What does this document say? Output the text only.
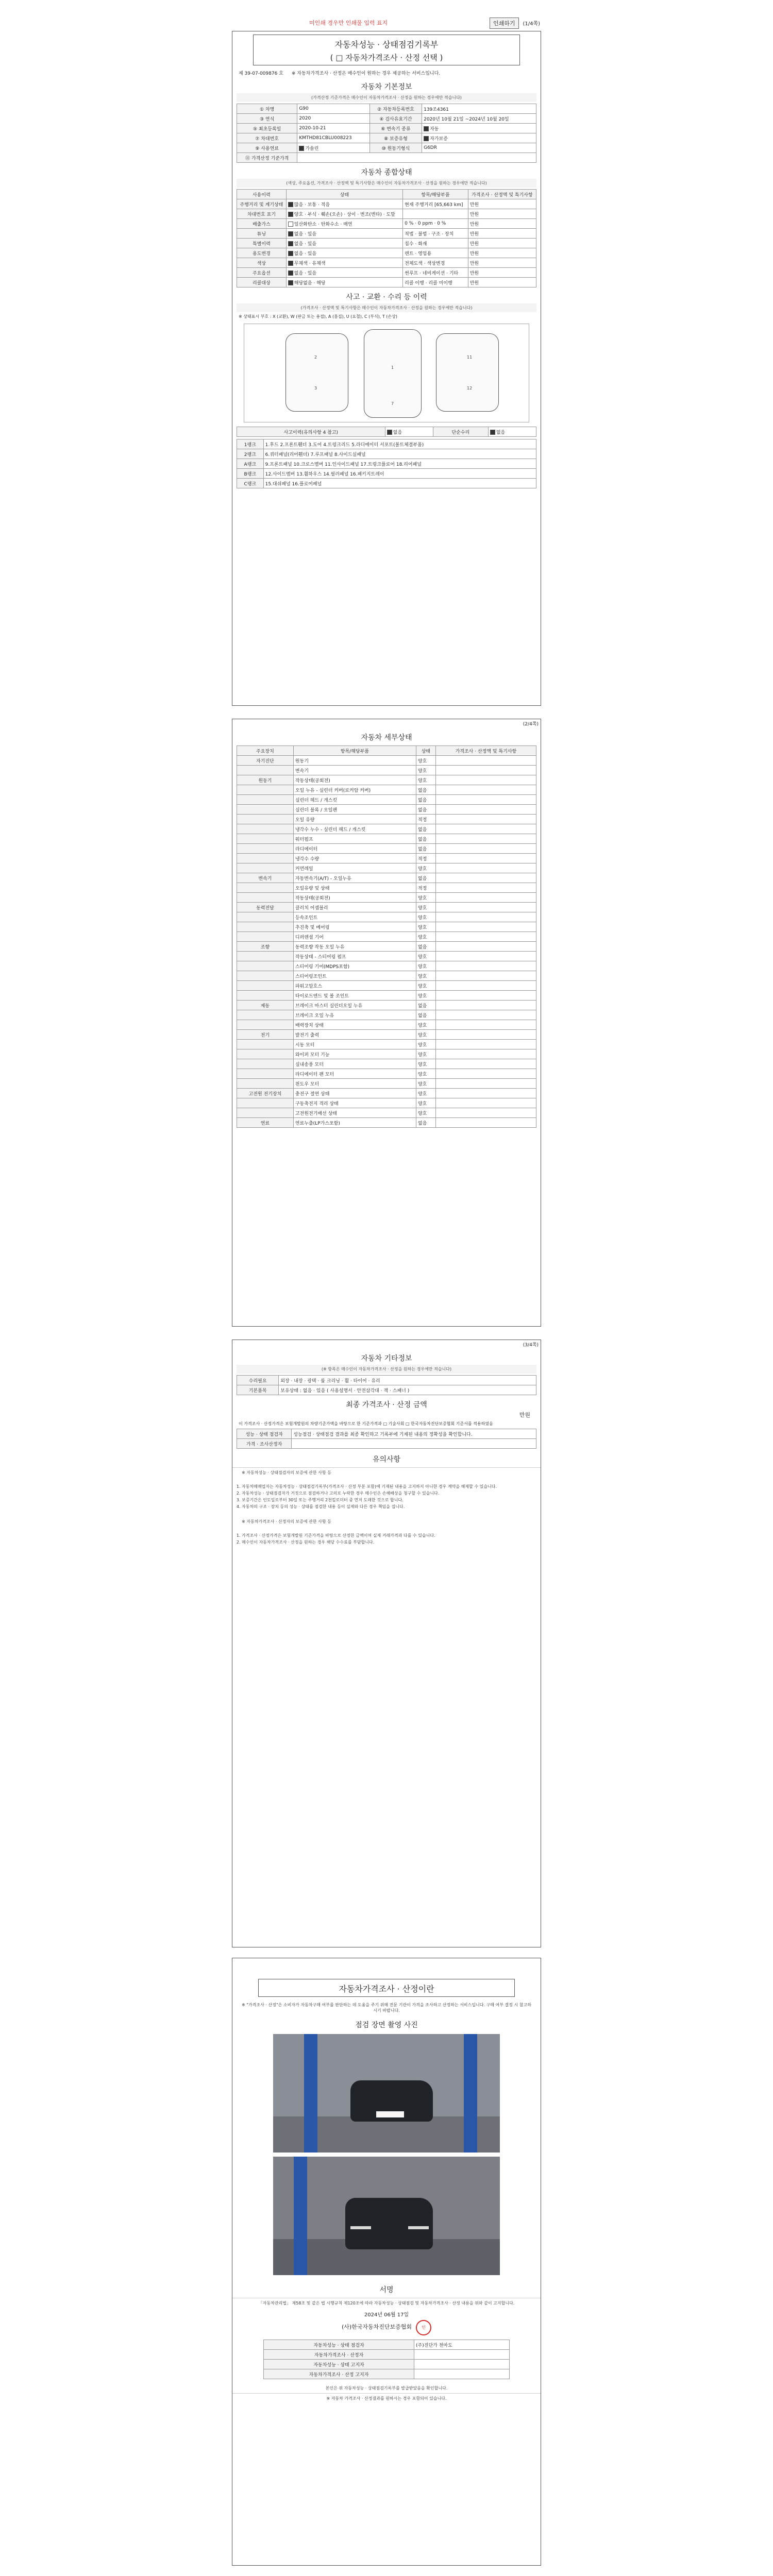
미인쇄 경우만 인쇄물 입력 표지	인쇄하기	(1/4쪽)
자동차성능 · 상태점검기록부
( □ 자동차가격조사 · 산정 선택 )
제 39-07-009876 호 ※ 자동차가격조사 · 산정은 매수인이 원하는 경우 제공하는 서비스입니다.
자동차 기본정보
(가격산정 기준가격은 매수인이 자동차가격조사 · 산정을 원하는 경우에만 적습니다)
① 차명	G90	② 자동차등록번호	139조4361
③ 연식	2020	④ 검사유효기간	2020년 10월 21일 ~2024년 10월 20일
⑤ 최초등록일	2020-10-21	⑥ 변속기 종류	자동
⑦ 차대번호	KMTHD81CBLU008223	⑧ 보증유형	자가보증
⑨ 사용연료	가솔린	⑩ 원동기형식	G6DR
⑪ 가격산정 기준가격			
자동차 종합상태
(색상, 주요옵션, 가격조사 · 산정액 및 특기사항은 매수인이 자동차가격조사 · 산정을 원하는 경우에만 적습니다)
사용이력	상태	항목/해당부품	가격조사 · 산정액 및 특기사항
주행거리 및 계기상태	많음 · 보통 · 적음	현재 주행거리 [65,663 km]	만원
차대번호 표기	양호 · 부식 · 훼손(오손) · 상이 · 변조(변타) · 도말		만원
배출가스	일산화탄소 · 탄화수소 · 매연	0 % · 0 ppm · 0 %	만원
튜닝	없음 · 있음	적법 · 불법 · 구조 · 장치	만원
특별이력	없음 · 있음	침수 · 화재	만원
용도변경	없음 · 있음	렌트 · 영업용	만원
색상	무채색 · 유채색	전체도색 · 색상변경	만원
주요옵션	없음 · 있음	썬루프 · 네비게이션 · 기타	만원
리콜대상	해당없음 · 해당	리콜 이행 · 리콜 미이행	만원
사고 · 교환 · 수리 등 이력
(가격조사 · 산정액 및 특기사항은 매수인이 자동차가격조사 · 산정을 원하는 경우에만 적습니다)
※ 상태표시 부호 : X (교환), W (판금 또는 용접), A (흠집), U (요철), C (부식), T (손상)
2
3
1
7
11
12
사고이력(유의사항 4 참고)	없음	단순수리	없음
1랭크	1.후드 2.프론트휀더 3.도어 4.트렁크리드 5.라디에이터 서포트(볼트체결부품)
2랭크	6.쿼터패널(리어휀더) 7.루프패널 8.사이드실패널
A랭크	9.프론트패널 10.크로스멤버 11.인사이드패널 17.트렁크플로어 18.리어패널
B랭크	12.사이드멤버 13.휠하우스 14.필러패널 16.패키지트레이
C랭크	15.대쉬패널 16.플로어패널
(2/4쪽)
자동차 세부상태
주요장치	항목/해당부품	상태	가격조사 · 산정액 및 특기사항
자기진단	원동기	양호	
	변속기	양호	
원동기	작동상태(공회전)	양호	
	오일 누유 - 실린더 커버(로커암 커버)	없음	
	실린더 헤드 / 개스킷	없음	
	실린더 블록 / 오일팬	없음	
	오일 유량	적정	
	냉각수 누수 - 실린더 헤드 / 개스킷	없음	
	워터펌프	없음	
	라디에이터	없음	
	냉각수 수량	적정	
	커먼레일	양호	
변속기	자동변속기(A/T) - 오일누유	없음	
	오일유량 및 상태	적정	
	작동상태(공회전)	양호	
동력전달	클러치 어셈블리	양호	
	등속조인트	양호	
	추진축 및 베어링	양호	
	디퍼렌셜 기어	양호	
조향	동력조향 작동 오일 누유	없음	
	작동상태 - 스티어링 펌프	양호	
	스티어링 기어(MDPS포함)	양호	
	스티어링조인트	양호	
	파워고압호스	양호	
	타이로드엔드 및 볼 조인트	양호	
제동	브레이크 마스터 실린더오일 누유	없음	
	브레이크 오일 누유	없음	
	배력장치 상태	양호	
전기	발전기 출력	양호	
	시동 모터	양호	
	와이퍼 모터 기능	양호	
	실내송풍 모터	양호	
	라디에이터 팬 모터	양호	
	윈도우 모터	양호	
고전원 전기장치	충전구 절연 상태	양호	
	구동축전지 격리 상태	양호	
	고전원전기배선 상태	양호	
연료	연료누출(LP가스포함)	없음	
(3/4쪽)
자동차 기타정보
(※ 항목은 매수인이 자동차가격조사 · 산정을 원하는 경우에만 적습니다)
수리필요	외장 · 내장 · 광택 · 룸 크리닝 · 휠 · 타이어 · 유리
기본품목	보유상태 : 없음 · 있음 ( 사용설명서 · 안전삼각대 · 잭 · 스패너 )
최종 가격조사 · 산정 금액
만원
이 가격조사 · 산정가격은 보험개발원의 차량기준가액을 바탕으로 한 기준가격과 □ 기술사회 □ 한국자동차진단보증협회 기준서를 적용하였음
성능 · 상태 점검자	성능점검 · 상태점검 결과를 최종 확인하고 기록부에 기재된 내용의 정확성을 확인합니다.
가격 · 조사산정자	
유의사항
※ 자동차성능 · 상태점검자의 보증에 관한 사항 등
1. 자동차매매업자는 자동차성능 · 상태점검기록부(가격조사 · 산정 부분 포함)에 기재된 내용을 고지하지 아니한 경우 계약을 해제할 수 있습니다.
2. 자동차성능 · 상태점검자가 거짓으로 점검하거나 고의로 누락한 경우 매수인은 손해배상을 청구할 수 있습니다.
3. 보증기간은 인도일로부터 30일 또는 주행거리 2천킬로미터 중 먼저 도래한 것으로 합니다.
4. 자동차의 구조 · 장치 등의 성능 · 상태를 점검한 내용 등이 실제와 다른 경우 책임을 집니다.
※ 자동차가격조사 · 산정자의 보증에 관한 사항 등
1. 가격조사 · 산정가격은 보험개발원 기준가격을 바탕으로 산정한 금액이며 실제 거래가격과 다를 수 있습니다.
2. 매수인이 자동차가격조사 · 산정을 원하는 경우 해당 수수료를 부담합니다.
자동차가격조사 · 산정이란
※ "가격조사 · 산정"은 소비자가 자동차구매 여부를 판단하는 데 도움을 주기 위해 전문 기관이 가격을 조사하고 산정하는 서비스입니다. 구매 여부 결정 시 참고하시기 바랍니다.
점검 장면 촬영 사진
서명
「자동차관리법」 제58조 및 같은 법 시행규칙 제120조에 따라 자동차성능 · 상태점검 및 자동차가격조사 · 산정 내용을 위와 같이 고지합니다.
2024년 06월 17일
(사)한국자동차진단보증협회 인
자동차성능 · 상태 점검자	(주)진단가 천마도
자동차가격조사 · 산정자	
자동차성능 · 상태 고지자	
자동차가격조사 · 산정 고지자	
본인은 위 자동차성능 · 상태점검기록부를 발급받았음을 확인합니다.
※ 자동차 가격조사 · 산정결과를 원하시는 경우 포함되어 있습니다.
